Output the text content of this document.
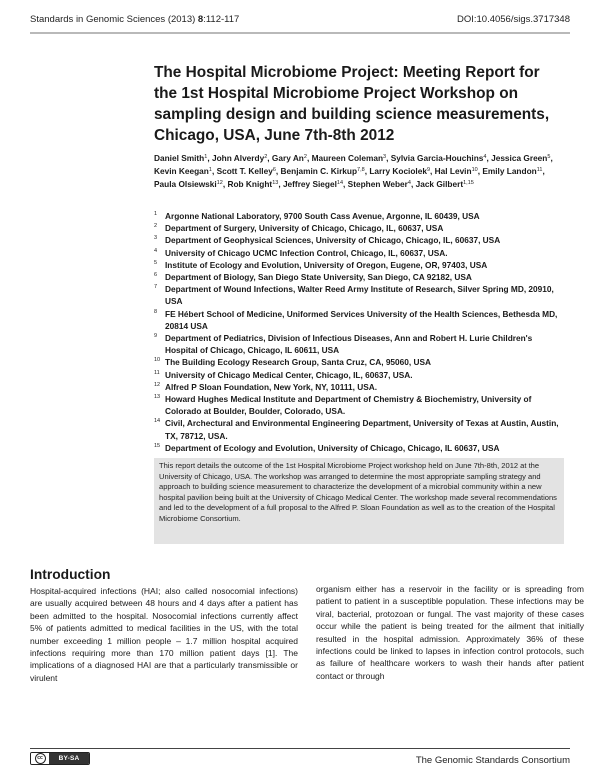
Standards in Genomic Sciences (2013) 8:112-117	DOI:10.4056/sigs.3717348
The Hospital Microbiome Project: Meeting Report for the 1st Hospital Microbiome Project Workshop on sampling design and building science measurements, Chicago, USA, June 7th-8th 2012

Daniel Smith$^1$, John Alverdy$^2$, Gary An$^2$, Maureen Coleman$^3$, Sylvia Garcia-Houchins$^4$, Jessica Green$^5$, Kevin Keegan$^1$, Scott T. Kelley$^6$, Benjamin C. Kirkup$^{7,8}$, Larry Kociolek$^9$, Hal Levin$^{10}$, Emily Landon$^{11}$, Paula Olsiewski$^{12}$, Rob Knight$^{13}$, Jeffrey Siegel$^{14}$, Stephen Weber$^4$, Jack Gilbert$^{1,15}$

1 Argonne National Laboratory, 9700 South Cass Avenue, Argonne, IL 60439, USA
2 Department of Surgery, University of Chicago, Chicago, IL, 60637, USA
3 Department of Geophysical Sciences, University of Chicago, Chicago, IL, 60637, USA
4 University of Chicago UCMC Infection Control, Chicago, IL, 60637, USA.
5 Institute of Ecology and Evolution, University of Oregon, Eugene, OR, 97403, USA
6 Department of Biology, San Diego State University, San Diego, CA 92182, USA
7 Department of Wound Infections, Walter Reed Army Institute of Research, Silver Spring MD, 20910, USA
8 FE Hébert School of Medicine, Uniformed Services University of the Health Sciences, Bethesda MD, 20814 USA
9 Department of Pediatrics, Division of Infectious Diseases, Ann and Robert H. Lurie Children's Hospital of Chicago, Chicago, IL 60611, USA
10 The Building Ecology Research Group, Santa Cruz, CA, 95060, USA
11 University of Chicago Medical Center, Chicago, IL, 60637, USA.
12 Alfred P Sloan Foundation, New York, NY, 10111, USA.
13 Howard Hughes Medical Institute and Department of Chemistry & Biochemistry, University of Colorado at Boulder, Boulder, Colorado, USA.
14 Civil, Archectural and Environmental Engineering Department, University of Texas at Austin, Austin, TX, 78712, USA.
15 Department of Ecology and Evolution, University of Chicago, Chicago, IL 60637, USA

This report details the outcome of the 1st Hospital Microbiome Project workshop held on June 7th-8th, 2012 at the University of Chicago, USA. The workshop was arranged to determine the most appropriate sampling strategy and approach to building science measurement to characterize the development of a microbial community within a new hospital pavilion being built at the University of Chicago Medical Center. The workshop made several recommendations and led to the development of a full proposal to the Alfred P. Sloan Foundation as well as to the creation of the Hospital Microbiome Consortium.

Introduction

Hospital-acquired infections (HAI; also called nosocomial infections) are usually acquired between 48 hours and 4 days after a patient has been admitted to the hospital. Nosocomial infections currently affect 5% of patients admitted to medical facilities in the US, with the total number exceeding 1 million people – 1.7 million hospital acquired infections requiring more than 170 million patient days [1]. The implications of a diagnosed HAI are that a particularly transmissible or virulent

organism either has a reservoir in the facility or is spreading from patient to patient in a susceptible population. These infections may be viral, bacterial, protozoan or fungal. The vast majority of these cases occur while the patient is being treated for the ailment that initially resulted in the hospital admission. Approximately 36% of these infections could be linked to lapses in infection control protocols, such as failure of healthcare workers to wash their hands after patient contact or through

cc	BY-SA	The Genomic Standards Consortium
